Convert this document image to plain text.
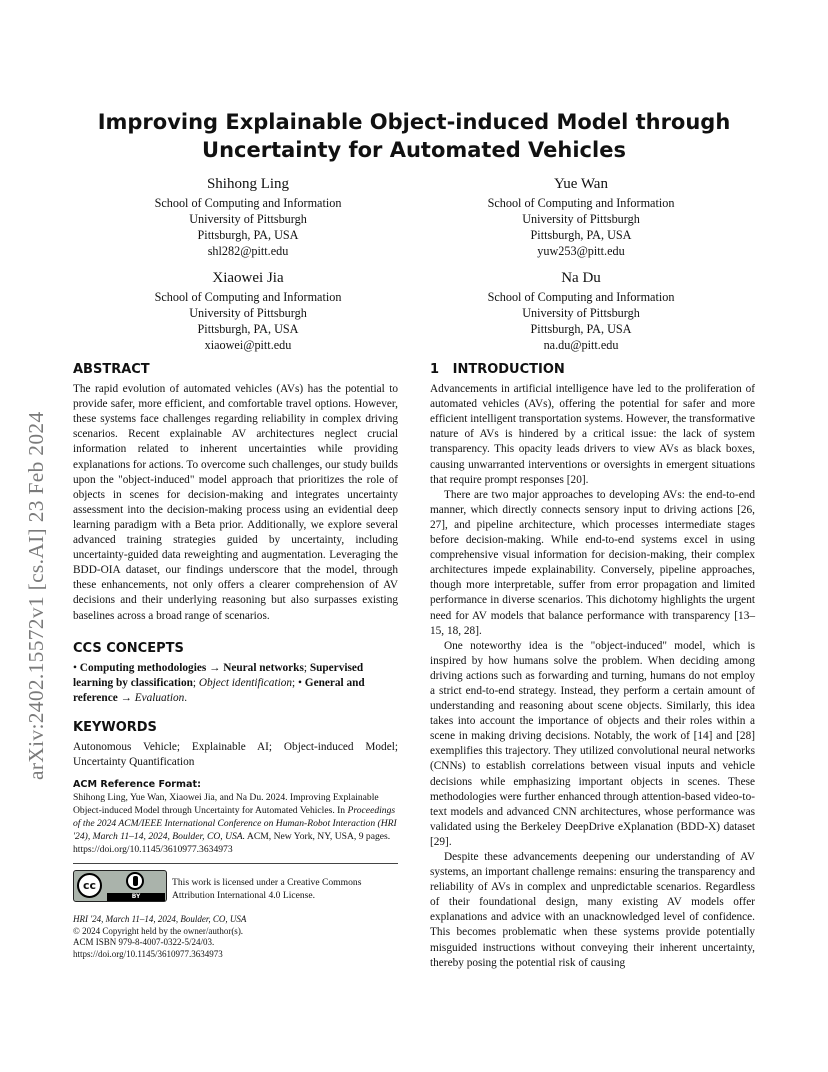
Improving Explainable Object-induced Model through
Uncertainty for Automated Vehicles
Shihong Ling
School of Computing and Information
University of Pittsburgh
Pittsburgh, PA, USA
shl282@pitt.edu
Yue Wan
School of Computing and Information
University of Pittsburgh
Pittsburgh, PA, USA
yuw253@pitt.edu
Xiaowei Jia
School of Computing and Information
University of Pittsburgh
Pittsburgh, PA, USA
xiaowei@pitt.edu
Na Du
School of Computing and Information
University of Pittsburgh
Pittsburgh, PA, USA
na.du@pitt.edu
arXiv:2402.15572v1 [cs.AI] 23 Feb 2024
ABSTRACT

The rapid evolution of automated vehicles (AVs) has the potential to provide safer, more efficient, and comfortable travel options. However, these systems face challenges regarding reliability in complex driving scenarios. Recent explainable AV architectures neglect crucial information related to inherent uncertainties while providing explanations for actions. To overcome such challenges, our study builds upon the "object-induced" model approach that prioritizes the role of objects in scenes for decision-making and integrates uncertainty assessment into the decision-making process using an evidential deep learning paradigm with a Beta prior. Additionally, we explore several advanced training strategies guided by uncertainty, including uncertainty-guided data reweighting and augmentation. Leveraging the BDD-OIA dataset, our findings underscore that the model, through these enhancements, not only offers a clearer comprehension of AV decisions and their underlying reasoning but also surpasses existing baselines across a broad range of scenarios.

CCS CONCEPTS

• Computing methodologies → Neural networks; Supervised learning by classification; Object identification; • General and reference → Evaluation.

KEYWORDS

Autonomous Vehicle; Explainable AI; Object-induced Model; Uncertainty Quantification

ACM Reference Format:

Shihong Ling, Yue Wan, Xiaowei Jia, and Na Du. 2024. Improving Explainable Object-induced Model through Uncertainty for Automated Vehicles. In Proceedings of the 2024 ACM/IEEE International Conference on Human-Robot Interaction (HRI '24), March 11–14, 2024, Boulder, CO, USA. ACM, New York, NY, USA, 9 pages. https://doi.org/10.1145/3610977.3634973

cc
BY
This work is licensed under a Creative Commons Attribution International 4.0 License.
HRI '24, March 11–14, 2024, Boulder, CO, USA
© 2024 Copyright held by the owner/author(s).
ACM ISBN 979-8-4007-0322-5/24/03.
https://doi.org/10.1145/3610977.3634973
1   INTRODUCTION

Advancements in artificial intelligence have led to the proliferation of automated vehicles (AVs), offering the potential for safer and more efficient intelligent transportation systems. However, the transformative nature of AVs is hindered by a critical issue: the lack of system transparency. This opacity leads drivers to view AVs as black boxes, causing unwarranted interventions or oversights in emergent situations that require prompt responses [20].

There are two major approaches to developing AVs: the end-to-end manner, which directly connects sensory input to driving actions [26, 27], and pipeline architecture, which processes intermediate stages before decision-making. While end-to-end systems excel in using comprehensive visual information for decision-making, their complex architectures impede explainability. Conversely, pipeline approaches, though more interpretable, suffer from error propagation and limited performance in diverse scenarios. This dichotomy highlights the urgent need for AV models that balance performance with transparency [13–15, 18, 28].

One noteworthy idea is the "object-induced" model, which is inspired by how humans solve the problem. When deciding among driving actions such as forwarding and turning, humans do not employ a strict end-to-end strategy. Instead, they perform a certain amount of understanding and reasoning about scene objects. Similarly, this idea takes into account the importance of objects and their roles within a scene in making driving decisions. Notably, the work of [14] and [28] exemplifies this trajectory. They utilized convolutional neural networks (CNNs) to establish correlations between visual inputs and vehicle decisions while emphasizing important objects in scenes. These methodologies were further enhanced through attention-based video-to-text models and advanced CNN architectures, whose performance was validated using the Berkeley DeepDrive eXplanation (BDD-X) dataset [29].

Despite these advancements deepening our understanding of AV systems, an important challenge remains: ensuring the transparency and reliability of AVs in complex and unpredictable scenarios. Regardless of their foundational design, many existing AV models offer explanations and advice with an unacknowledged level of confidence. This becomes problematic when these systems provide potentially misguided instructions without conveying their inherent uncertainty, thereby posing the potential risk of causing
